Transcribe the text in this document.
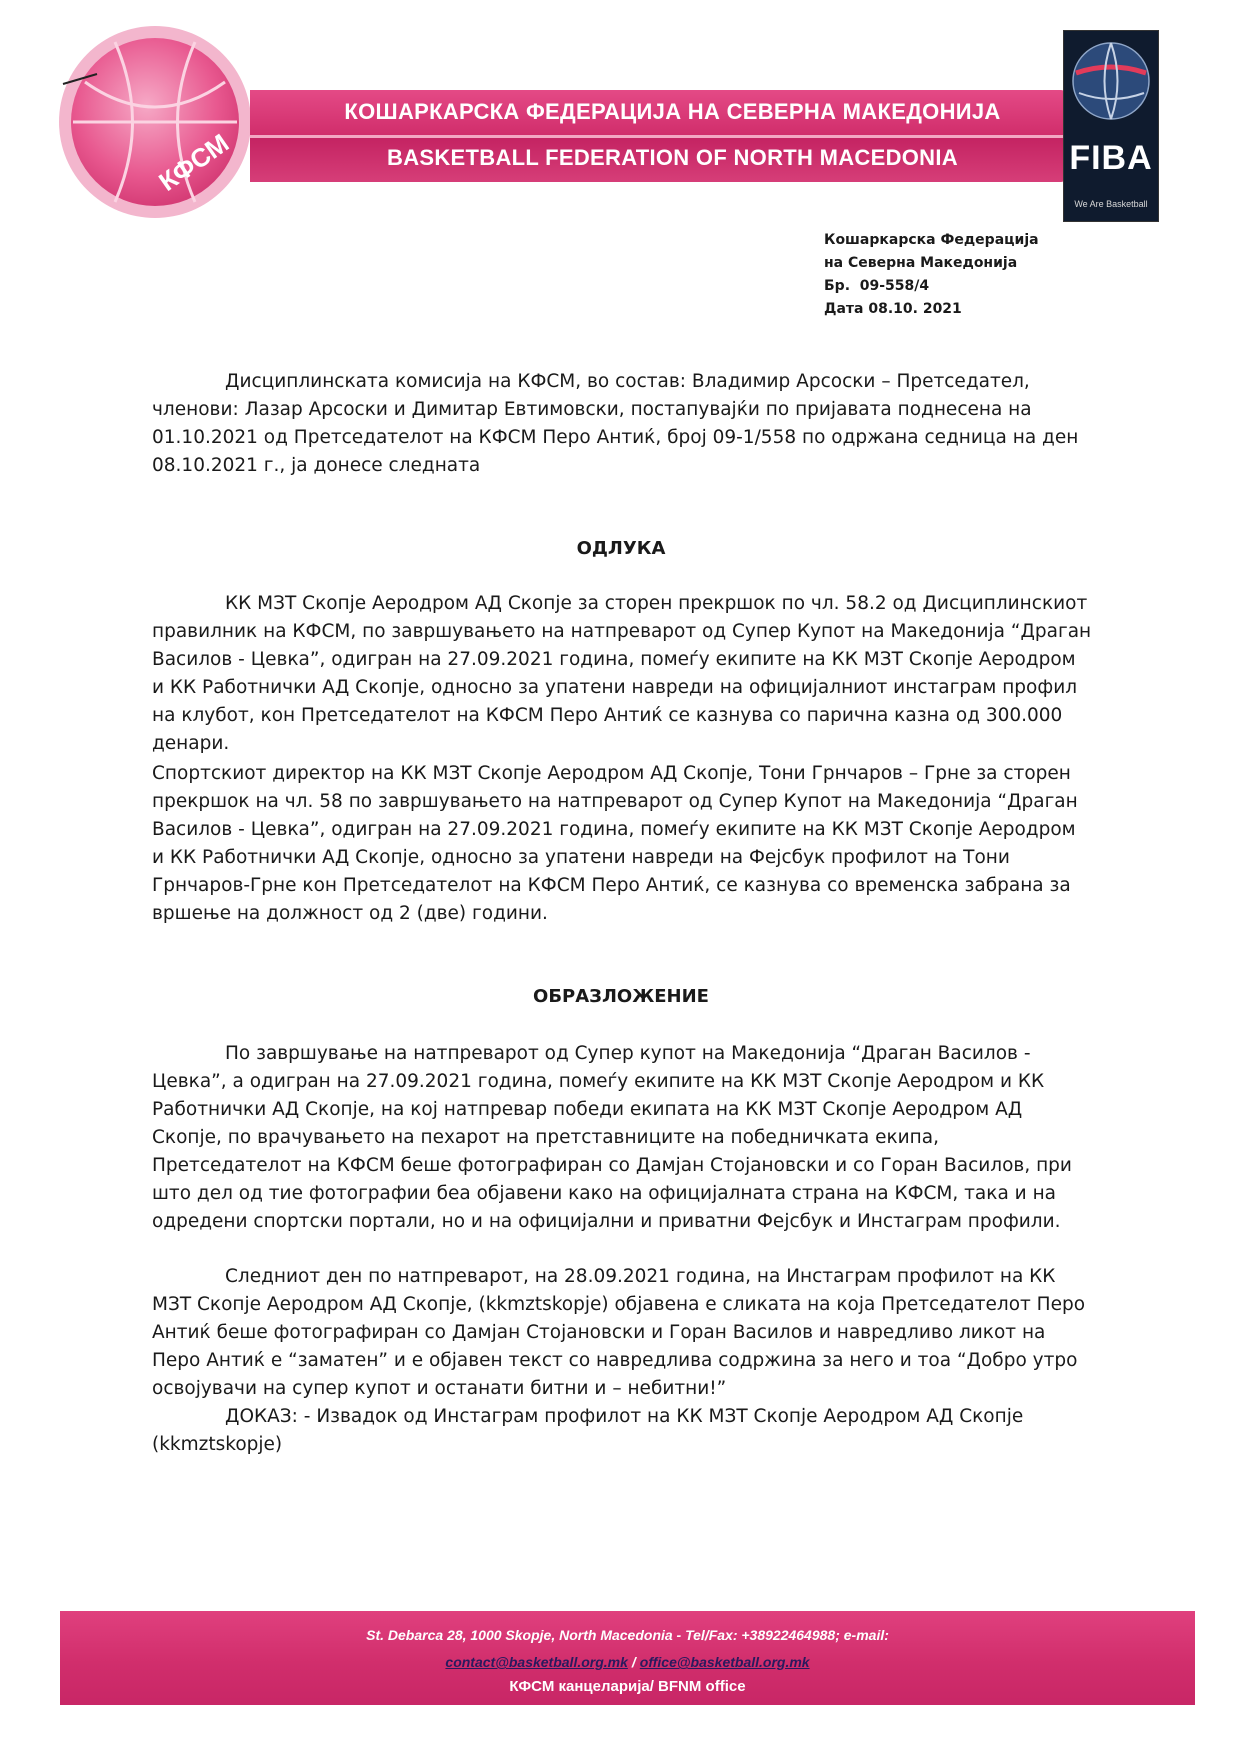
КФСМ
КОШАРКАРСКА ФЕДЕРАЦИЈА НА СЕВЕРНА МАКЕДОНИЈА
BASKETBALL FEDERATION OF NORTH MACEDONIA	FIBA
We Are Basketball
Кошаркарска Федерација
на Северна Македонија
Бр.  09-558/4
Дата 08.10. 2021

Дисциплинската комисија на КФСМ, во состав: Владимир Арсоски – Претседател, членови: Лазар Арсоски и Димитар Евтимовски, постапувајќи по пријавата поднесена на 01.10.2021 од Претседателот на КФСМ Перо Антиќ, број 09-1/558 по одржана седница на ден 08.10.2021 г., ја донесе следната

ОДЛУКА

КК МЗТ Скопје Аеродром АД Скопје за сторен прекршок по чл. 58.2 од Дисциплинскиот правилник на КФСМ, по завршувањето на натпреварот од Супер Купот на Македонија “Драган Василов - Цевка”, одигран на 27.09.2021 година, помеѓу екипите на КК МЗТ Скопје Аеродром и КК Работнички АД Скопје, односно за упатени навреди на официјалниот инстаграм профил на клубот, кон Претседателот на КФСМ Перо Антиќ се казнува со парична казна од 300.000 денари.

Спортскиот директор на КК МЗТ Скопје Аеродром АД Скопје, Тони Грнчаров – Грне за сторен прекршок на чл. 58 по завршувањето на натпреварот од Супер Купот на Македонија “Драган Василов - Цевка”, одигран на 27.09.2021 година, помеѓу екипите на КК МЗТ Скопје Аеродром и КК Работнички АД Скопје, односно за упатени навреди на Фејсбук профилот на Тони Грнчаров-Грне кон Претседателот на КФСМ Перо Антиќ, се казнува со временска забрана за вршење на должност од 2 (две) години.

ОБРАЗЛОЖЕНИЕ

По завршување на натпреварот од Супер купот на Македонија “Драган Василов - Цевка”, а одигран на 27.09.2021 година, помеѓу екипите на КК МЗТ Скопје Аеродром и КК Работнички АД Скопје, на кој натпревар победи екипата на КК МЗТ Скопје Аеродром АД Скопје, по врачувањето на пехарот на претставниците на победничката екипа, Претседателот на КФСМ беше фотографиран со Дамјан Стојановски и со Горан Василов, при што дел од тие фотографии беа објавени како на официјалната страна на КФСМ, така и на одредени спортски портали, но и на официјални и приватни Фејсбук и Инстаграм профили.

Следниот ден по натпреварот, на 28.09.2021 година, на Инстаграм профилот на КК МЗТ Скопје Аеродром АД Скопје, (kkmztskopje) објавена е сликата на која Претседателот Перо Антиќ беше фотографиран со Дамјан Стојановски и Горан Василов и наврeдливо ликот на Перо Антиќ е “заматен” и е објавен текст со наврeдлива содржина за него и тоа “Добро утро освојувачи на супер купот и останати битни и – небитни!”

ДОКАЗ: - Извадок од Инстаграм профилот на КК МЗТ Скопје Аеродром АД Скопје (kkmztskopje)

St. Debarca 28, 1000 Skopje, North Macedonia - Tel/Fax: +38922464988; e-mail:
contact@basketball.org.mk / office@basketball.org.mk
КФСМ канцеларија/ BFNM office
